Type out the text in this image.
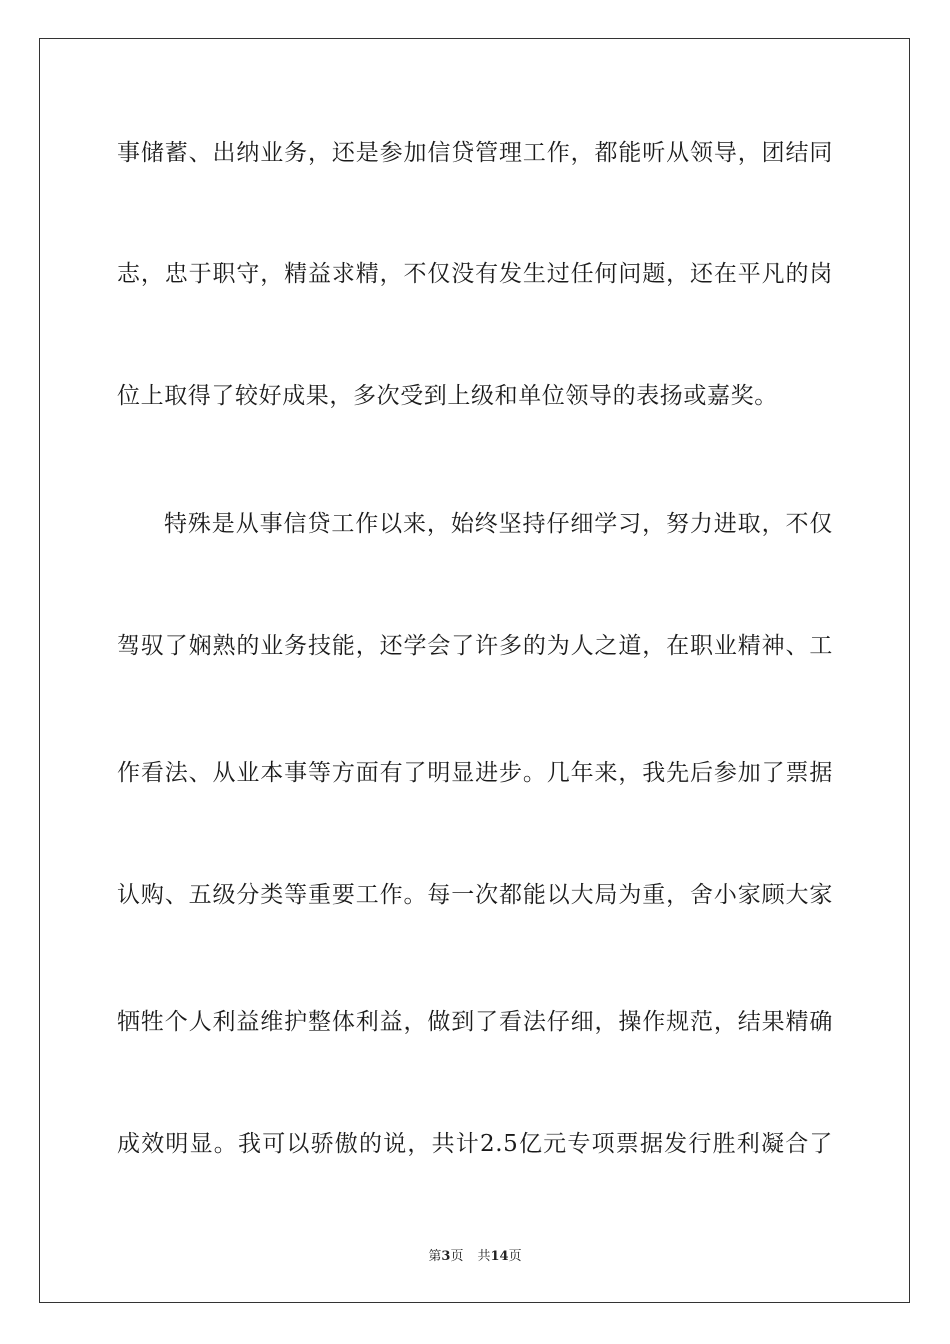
事储蓄、出纳业务，还是参加信贷管理工作，都能听从领导，团结同
志，忠于职守，精益求精，不仅没有发生过任何问题，还在平凡的岗
位上取得了较好成果，多次受到上级和单位领导的表扬或嘉奖。
特殊是从事信贷工作以来，始终坚持仔细学习，努力进取，不仅
驾驭了娴熟的业务技能，还学会了许多的为人之道，在职业精神、工
作看法、从业本事等方面有了明显进步。几年来，我先后参加了票据
认购、五级分类等重要工作。每一次都能以大局为重，舍小家顾大家
牺牲个人利益维护整体利益，做到了看法仔细，操作规范，结果精确
成效明显。我可以骄傲的说，共计2.5亿元专项票据发行胜利凝合了
第3页 共14页
